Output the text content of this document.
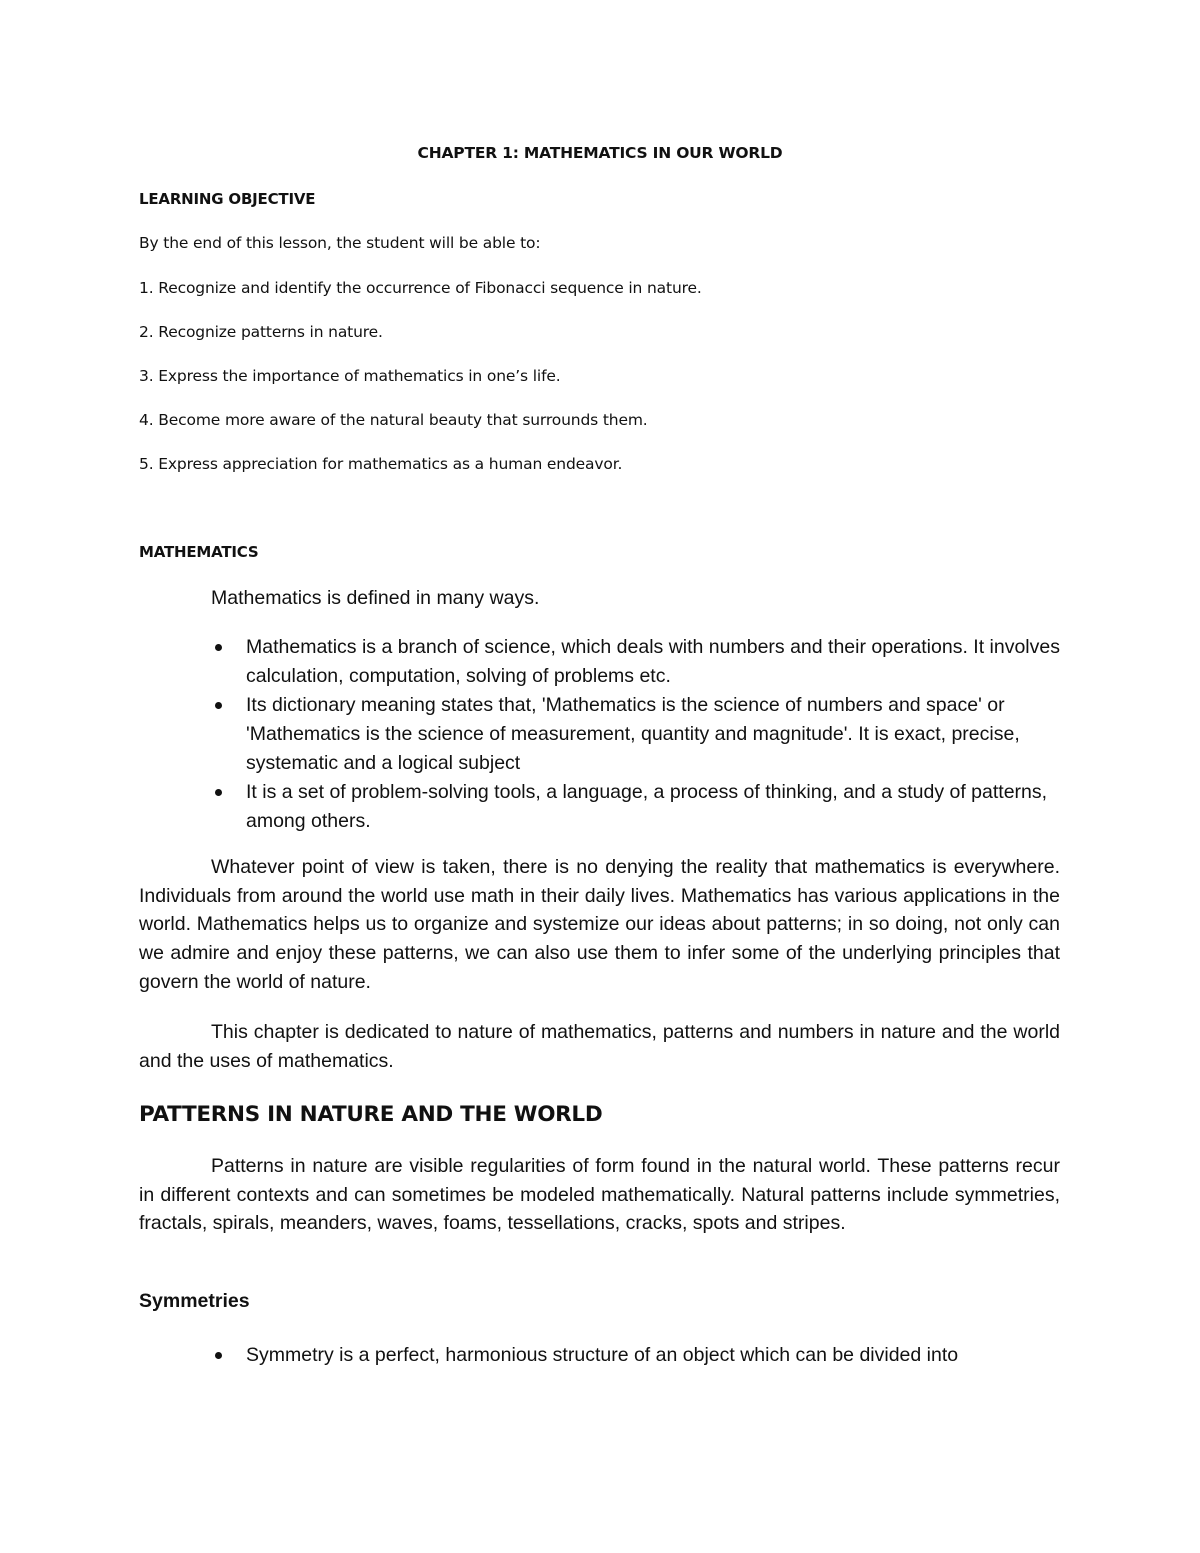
CHAPTER 1: MATHEMATICS IN OUR WORLD
LEARNING OBJECTIVE
By the end of this lesson, the student will be able to:
1. Recognize and identify the occurrence of Fibonacci sequence in nature.
2. Recognize patterns in nature.
3. Express the importance of mathematics in one’s life.
4. Become more aware of the natural beauty that surrounds them.
5. Express appreciation for mathematics as a human endeavor.
MATHEMATICS
Mathematics is defined in many ways.
Mathematics is a branch of science, which deals with numbers and their operations. It involves calculation, computation, solving of problems etc.
Its dictionary meaning states that, 'Mathematics is the science of numbers and space' or 'Mathematics is the science of measurement, quantity and magnitude'. It is exact, precise, systematic and a logical subject
It is a set of problem-solving tools, a language, a process of thinking, and a study of patterns, among others.
Whatever point of view is taken, there is no denying the reality that mathematics is everywhere. Individuals from around the world use math in their daily lives. Mathematics has various applications in the world. Mathematics helps us to organize and systemize our ideas about patterns; in so doing, not only can we admire and enjoy these patterns, we can also use them to infer some of the underlying principles that govern the world of nature.
This chapter is dedicated to nature of mathematics, patterns and numbers in nature and the world and the uses of mathematics.
PATTERNS IN NATURE AND THE WORLD
Patterns in nature are visible regularities of form found in the natural world. These patterns recur in different contexts and can sometimes be modeled mathematically. Natural patterns include symmetries, fractals, spirals, meanders, waves, foams, tessellations, cracks, spots and stripes.
Symmetries
Symmetry is a perfect, harmonious structure of an object which can be divided into
